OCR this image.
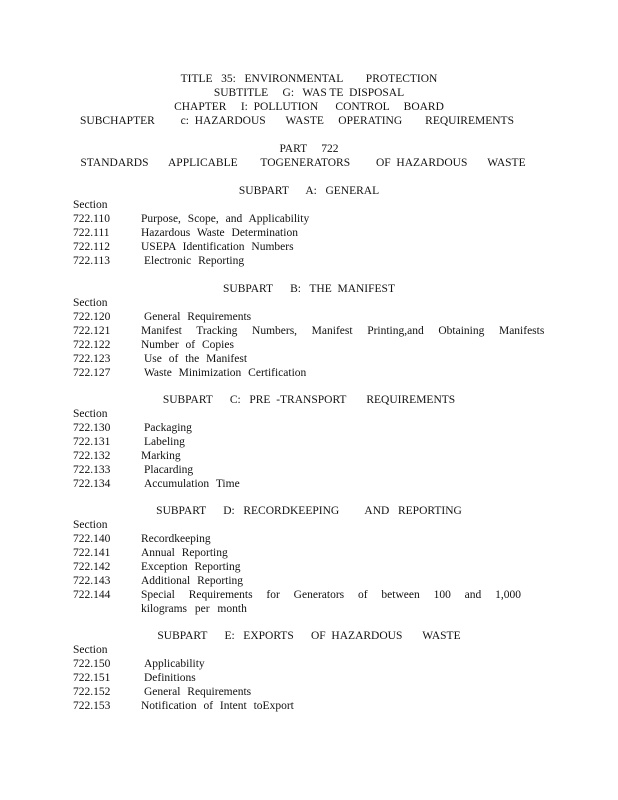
TITLE   35:   ENVIRONMENTAL        PROTECTION
SUBTITLE     G:   WAS TE  DISPOSAL
CHAPTER     I:  POLLUTION      CONTROL     BOARD
SUBCHAPTER         c:  HAZARDOUS       WASTE     OPERATING        REQUIREMENTS
PART     722
STANDARDS       APPLICABLE        TOGENERATORS         OF  HAZARDOUS       WASTE
SUBPART      A:   GENERAL
Section
722.110	Purpose, Scope, and Applicability
722.111	Hazardous Waste Determination
722.112	USEPA Identification Numbers
722.113	Electronic Reporting
SUBPART      B:   THE  MANIFEST
Section
722.120	General Requirements
722.121	Manifest   Tracking   Numbers,   Manifest   Printing,and   Obtaining   Manifests
722.122	Number of Copies
722.123	Use of the Manifest
722.127	Waste Minimization Certification
SUBPART      C:   PRE  -TRANSPORT       REQUIREMENTS
Section
722.130	Packaging
722.131	Labeling
722.132	Marking
722.133	Placarding
722.134	Accumulation Time
SUBPART      D:   RECORDKEEPING         AND   REPORTING
Section
722.140	Recordkeeping
722.141	Annual Reporting
722.142	Exception Reporting
722.143	Additional Reporting
722.144	Special Requirements for Generators of between 100 and 1,000 kilograms per month
SUBPART      E:   EXPORTS      OF  HAZARDOUS       WASTE
Section
722.150	Applicability
722.151	Definitions
722.152	General Requirements
722.153	Notification of Intent toExport
